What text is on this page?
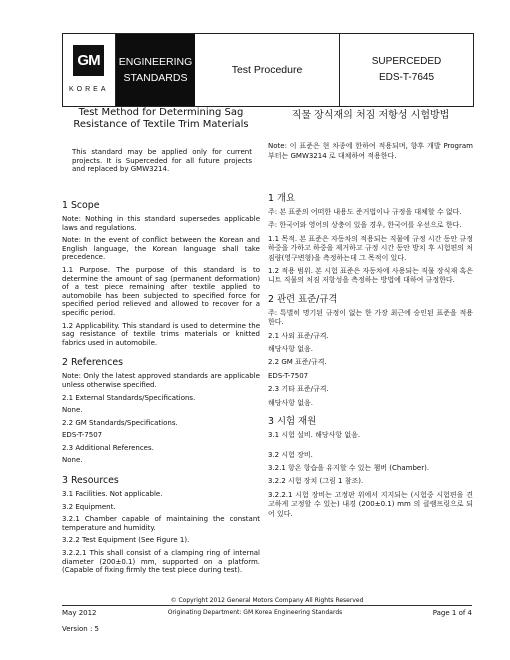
GM
KOREA
ENGINEERING
STANDARDS
Test Procedure
SUPERCEDED
EDS-T-7645
Test Method for Determining Sag Resistance of Textile Trim Materials
This standard may be applied only for current projects. It is Superceded for all future projects and replaced by GMW3214.
직물 장식재의 처짐 저항성 시험방법
Note: 이 표준은 현 차종에 한하여 적용되며, 향후 개발 Program 부터는 GMW3214 로 대체하여 적용한다.
1 Scope

Note: Nothing in this standard supersedes applicable laws and regulations.

Note: In the event of conflict between the Korean and English language, the Korean language shall take precedence.

1.1 Purpose. The purpose of this standard is to determine the amount of sag (permanent deformation) of a test piece remaining after textile applied to automobile has been subjected to specified force for specified period relieved and allowed to recover for a specific period.

1.2 Applicability. This standard is used to determine the sag resistance of textile trims materials or knitted fabrics used in automobile.

2 References

Note: Only the latest approved standards are applicable unless otherwise specified.

2.1 External Standards/Specifications.

None.

2.2 GM Standards/Specifications.

EDS-T-7507

2.3 Additional References.

None.

3 Resources

3.1 Facilities. Not applicable.

3.2 Equipment.

3.2.1 Chamber capable of maintaining the constant temperature and humidity.

3.2.2 Test Equipment (See Figure 1).

3.2.2.1 This shall consist of a clamping ring of internal diameter (200±0.1) mm, supported on a platform. (Capable of fixing firmly the test piece during test).

1 개요

주: 본 표준의 어떠한 내용도 준거법이나 규정을 대체할 수 없다.

주: 한국어와 영어의 상충이 있을 경우, 한국어를 우선으로 한다.

1.1 목적. 본 표준은 자동차의 적용되는 직물에 규정 시간 동안 규정 하중을 가하고 하중을 제거하고 규정 시간 동안 방치 후 시험편의 처짐량(영구변형)을 측정하는데 그 목적이 있다.

1.2 적용 범위. 본 시험 표준은 자동차에 사용되는 직물 장식재 혹은 니트 직물의 처짐 저항성을 측정하는 방법에 대하여 규정한다.

2 관련 표준/규격

주: 특별히 명기된 규정이 없는 한 가장 최근에 승인된 표준을 적용한다.

2.1 사외 표준/규격.

해당사항 없음.

2.2 GM 표준/규격.

EDS-T-7507

2.3 기타 표준/규격.

해당사항 없음.

3 시험 재원

3.1 시험 설비. 해당사항 없음.

3.2 시험 장비.

3.2.1 항온 항습을 유지할 수 있는 챔버 (Chamber).

3.2.2 시험 장치 (그림 1 참조).

3.2.2.1 시험 장비는 고정판 위에서 지지되는 (시험중 시험편을 견고하게 고정할 수 있는) 내경 (200±0.1) mm 의 클램프링으로 되어 있다.

© Copyright 2012 General Motors Company All Rights Reserved
May 2012	Originating Department: GM Korea Engineering Standards	Page 1 of 4
Version : 5
